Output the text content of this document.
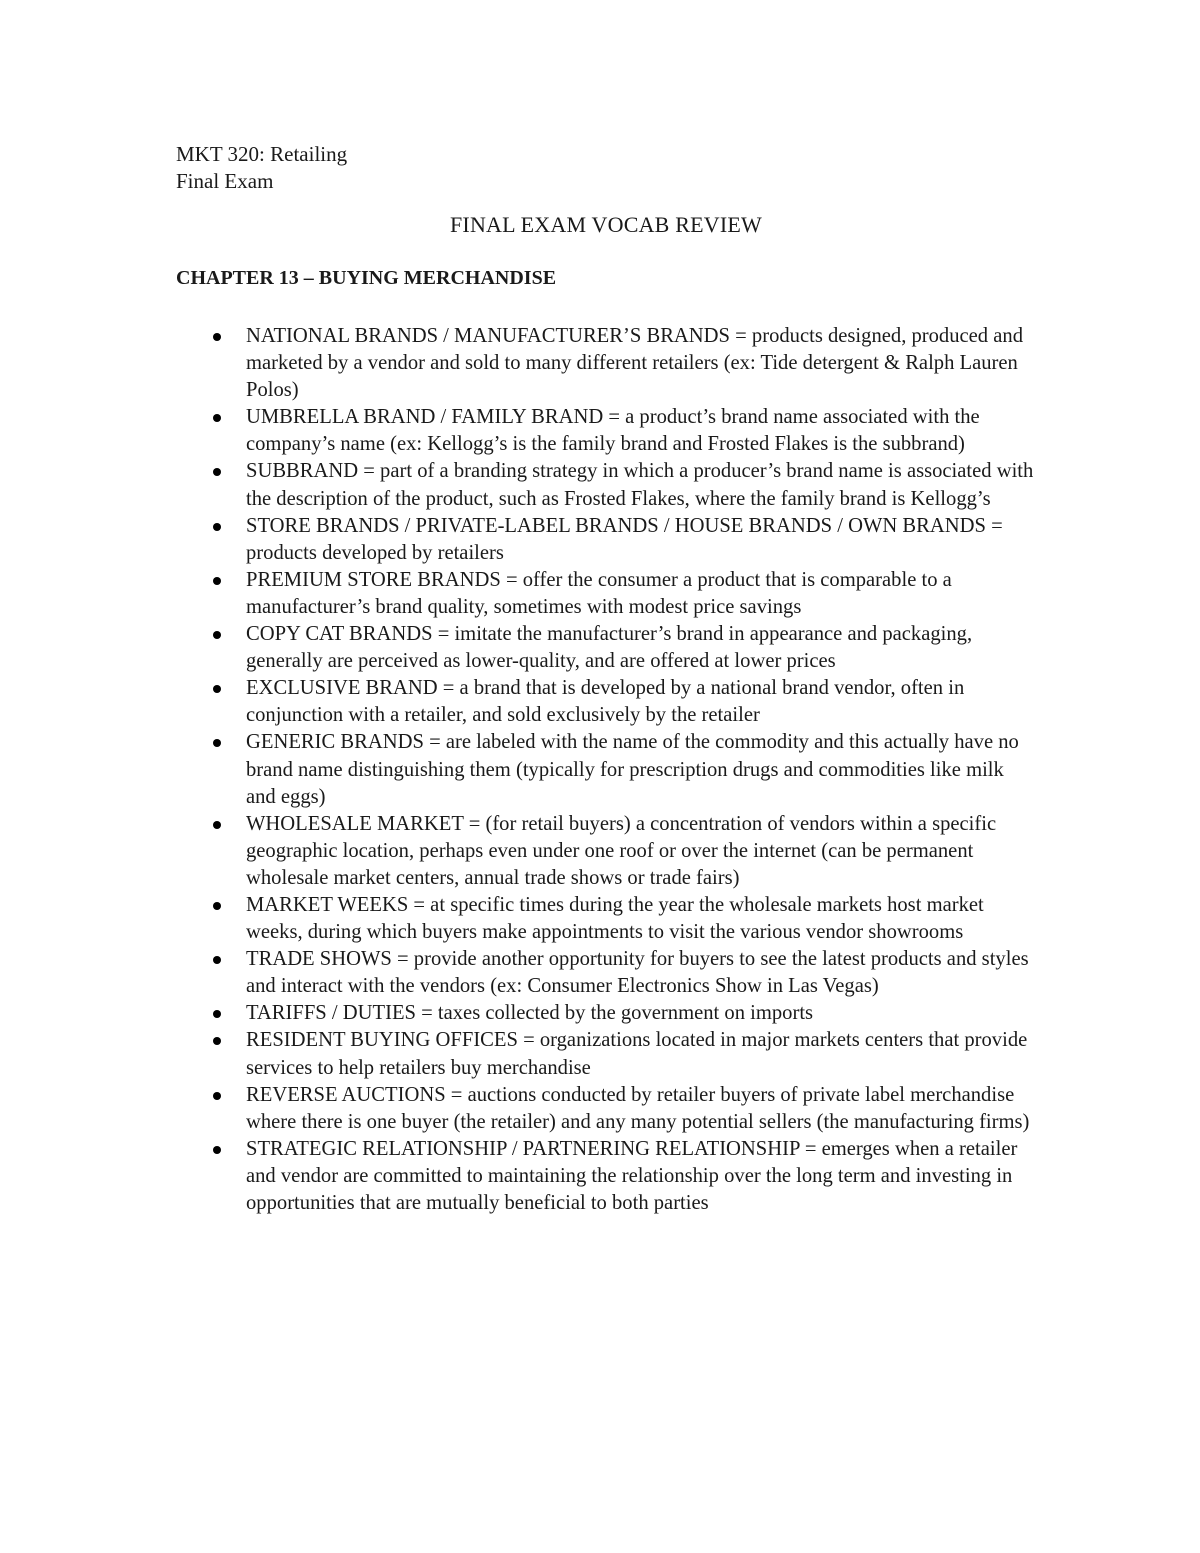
MKT 320: Retailing

Final Exam

FINAL EXAM VOCAB REVIEW
CHAPTER 13 – BUYING MERCHANDISE
NATIONAL BRANDS / MANUFACTURER’S BRANDS = products designed, produced and marketed by a vendor and sold to many different retailers (ex: Tide detergent & Ralph Lauren Polos)
UMBRELLA BRAND / FAMILY BRAND = a product’s brand name associated with the company’s name (ex: Kellogg’s is the family brand and Frosted Flakes is the subbrand)
SUBBRAND = part of a branding strategy in which a producer’s brand name is associated with the description of the product, such as Frosted Flakes, where the family brand is Kellogg’s
STORE BRANDS / PRIVATE-LABEL BRANDS / HOUSE BRANDS / OWN BRANDS = products developed by retailers
PREMIUM STORE BRANDS = offer the consumer a product that is comparable to a manufacturer’s brand quality, sometimes with modest price savings
COPY CAT BRANDS = imitate the manufacturer’s brand in appearance and packaging, generally are perceived as lower-quality, and are offered at lower prices
EXCLUSIVE BRAND = a brand that is developed by a national brand vendor, often in conjunction with a retailer, and sold exclusively by the retailer
GENERIC BRANDS = are labeled with the name of the commodity and this actually have no brand name distinguishing them (typically for prescription drugs and commodities like milk and eggs)
WHOLESALE MARKET = (for retail buyers) a concentration of vendors within a specific geographic location, perhaps even under one roof or over the internet (can be permanent wholesale market centers, annual trade shows or trade fairs)
MARKET WEEKS = at specific times during the year the wholesale markets host market weeks, during which buyers make appointments to visit the various vendor showrooms
TRADE SHOWS = provide another opportunity for buyers to see the latest products and styles and interact with the vendors (ex: Consumer Electronics Show in Las Vegas)
TARIFFS / DUTIES = taxes collected by the government on imports
RESIDENT BUYING OFFICES = organizations located in major markets centers that provide services to help retailers buy merchandise
REVERSE AUCTIONS = auctions conducted by retailer buyers of private label merchandise where there is one buyer (the retailer) and any many potential sellers (the manufacturing firms)
STRATEGIC RELATIONSHIP / PARTNERING RELATIONSHIP = emerges when a retailer and vendor are committed to maintaining the relationship over the long term and investing in opportunities that are mutually beneficial to both parties
